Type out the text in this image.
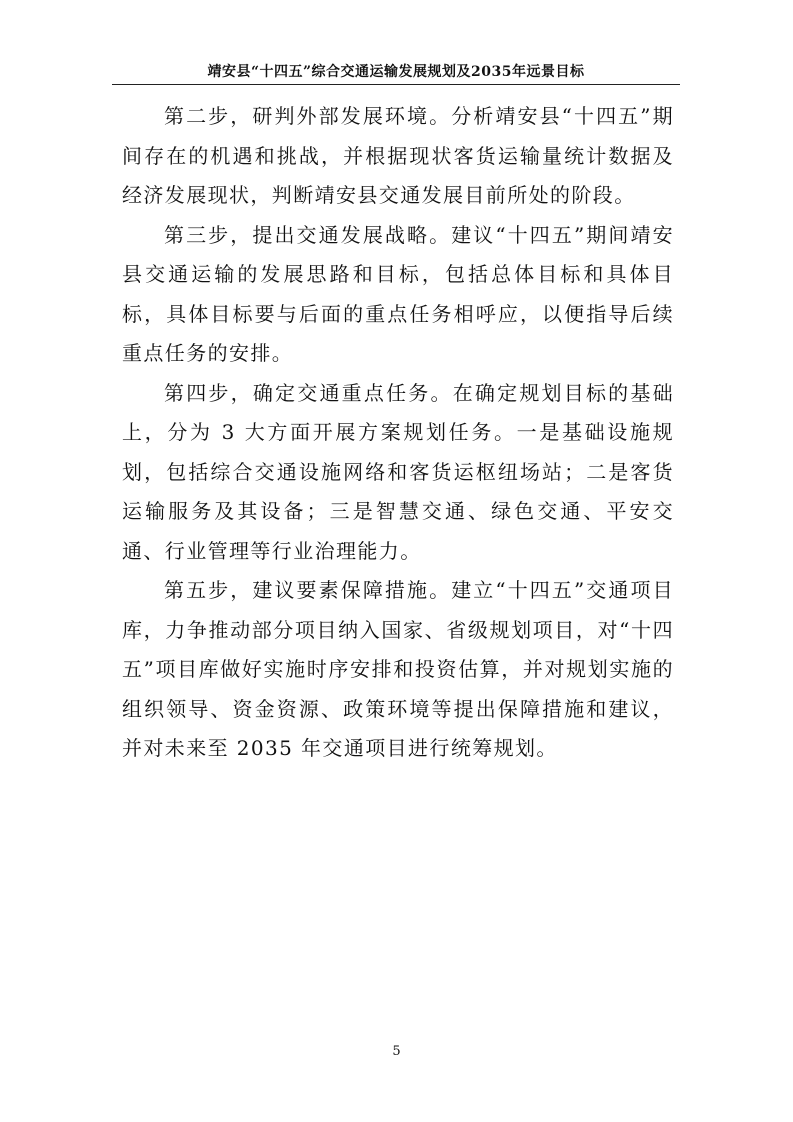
靖安县“十四五”综合交通运输发展规划及2035年远景目标

第二步，研判外部发展环境。分析靖安县“十四五”期间存在的机遇和挑战，并根据现状客货运输量统计数据及经济发展现状，判断靖安县交通发展目前所处的阶段。

第三步，提出交通发展战略。建议“十四五”期间靖安县交通运输的发展思路和目标，包括总体目标和具体目标，具体目标要与后面的重点任务相呼应，以便指导后续重点任务的安排。

第四步，确定交通重点任务。在确定规划目标的基础上，分为 3 大方面开展方案规划任务。一是基础设施规划，包括综合交通设施网络和客货运枢纽场站；二是客货运输服务及其设备；三是智慧交通、绿色交通、平安交通、行业管理等行业治理能力。

第五步，建议要素保障措施。建立“十四五”交通项目库，力争推动部分项目纳入国家、省级规划项目，对“十四五”项目库做好实施时序安排和投资估算，并对规划实施的组织领导、资金资源、政策环境等提出保障措施和建议，并对未来至 2035 年交通项目进行统筹规划。

5
